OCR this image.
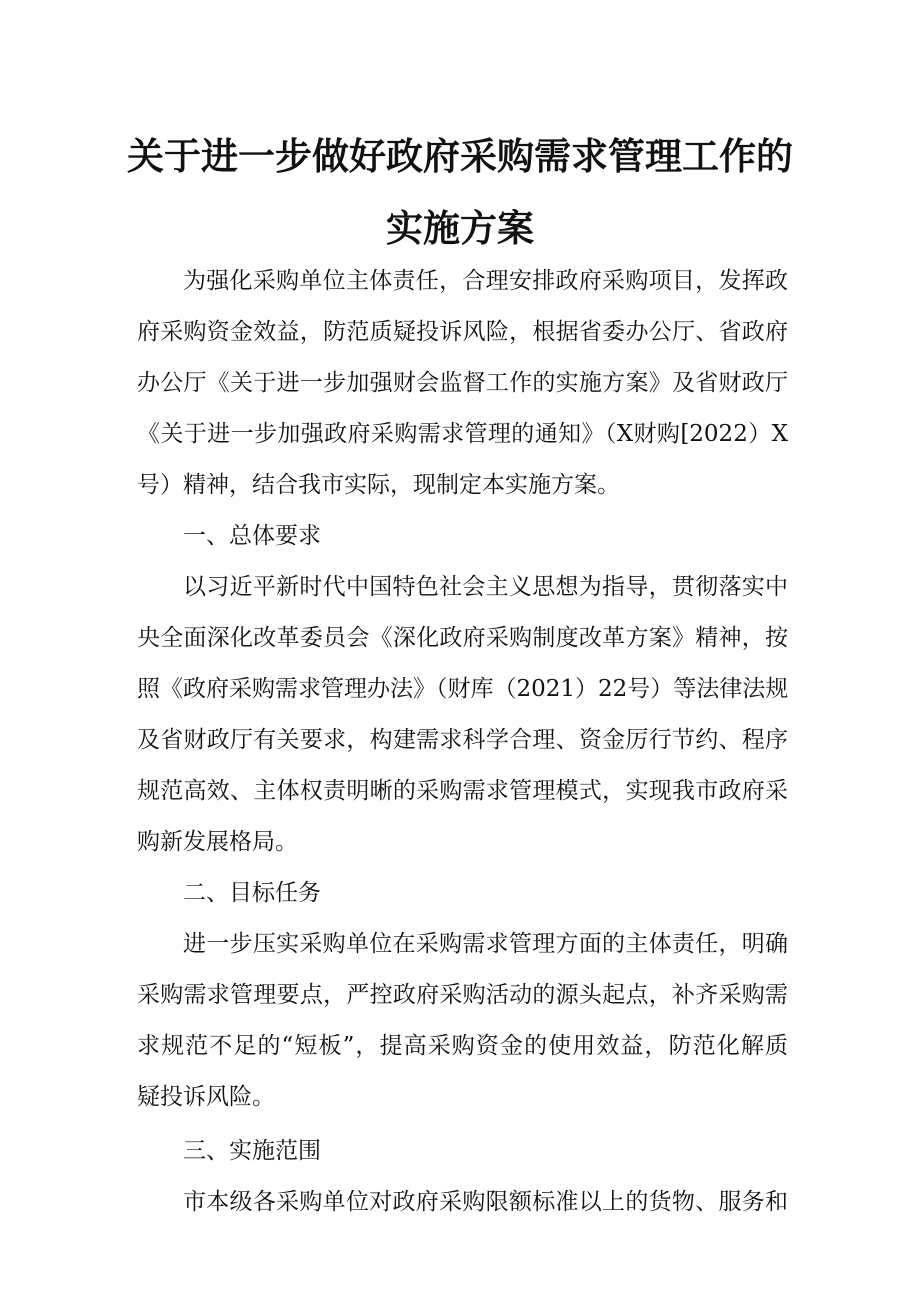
关于进一步做好政府采购需求管理工作的
实施方案
为强化采购单位主体责任，合理安排政府采购项目，发挥政
府采购资金效益，防范质疑投诉风险，根据省委办公厅、省政府
办公厅《关于进一步加强财会监督工作的实施方案》及省财政厅
《关于进一步加强政府采购需求管理的通知》（X财购[2022）X
号）精神，结合我市实际，现制定本实施方案。
一、总体要求
以习近平新时代中国特色社会主义思想为指导，贯彻落实中
央全面深化改革委员会《深化政府采购制度改革方案》精神，按
照《政府采购需求管理办法》（财库（2021）22号）等法律法规
及省财政厅有关要求，构建需求科学合理、资金厉行节约、程序
规范高效、主体权责明晰的采购需求管理模式，实现我市政府采
购新发展格局。
二、目标任务
进一步压实采购单位在采购需求管理方面的主体责任，明确
采购需求管理要点，严控政府采购活动的源头起点，补齐采购需
求规范不足的“短板”，提高采购资金的使用效益，防范化解质
疑投诉风险。
三、实施范围
市本级各采购单位对政府采购限额标准以上的货物、服务和
